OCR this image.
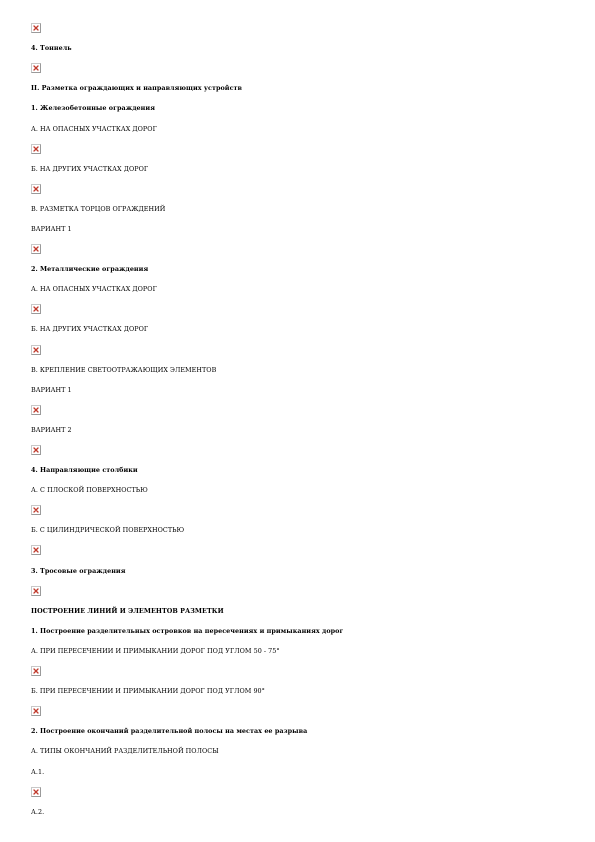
4. Тоннель
II. Разметка ограждающих и направляющих устройств
1. Железобетонные ограждения
А. НА ОПАСНЫХ УЧАСТКАХ ДОРОГ
Б. НА ДРУГИХ УЧАСТКАХ ДОРОГ
В. РАЗМЕТКА ТОРЦОВ ОГРАЖДЕНИЙ
ВАРИАНТ 1
2. Металлические ограждения
А. НА ОПАСНЫХ УЧАСТКАХ ДОРОГ
Б. НА ДРУГИХ УЧАСТКАХ ДОРОГ
В. КРЕПЛЕНИЕ СВЕТООТРАЖАЮЩИХ ЭЛЕМЕНТОВ
ВАРИАНТ 1
ВАРИАНТ 2
4. Направляющие столбики
А. С ПЛОСКОЙ ПОВЕРХНОСТЬЮ
Б. С ЦИЛИНДРИЧЕСКОЙ ПОВЕРХНОСТЬЮ
3. Тросовые ограждения
ПОСТРОЕНИЕ ЛИНИЙ И ЭЛЕМЕНТОВ РАЗМЕТКИ
1. Построение разделительных островков на пересечениях и примыканиях дорог
А. ПРИ ПЕРЕСЕЧЕНИИ И ПРИМЫКАНИИ ДОРОГ ПОД УГЛОМ 50 - 75°
Б. ПРИ ПЕРЕСЕЧЕНИИ И ПРИМЫКАНИИ ДОРОГ ПОД УГЛОМ 90°
2. Построение окончаний разделительной полосы на местах ее разрыва
А. ТИПЫ ОКОНЧАНИЙ РАЗДЕЛИТЕЛЬНОЙ ПОЛОСЫ
А.1.
А.2.
